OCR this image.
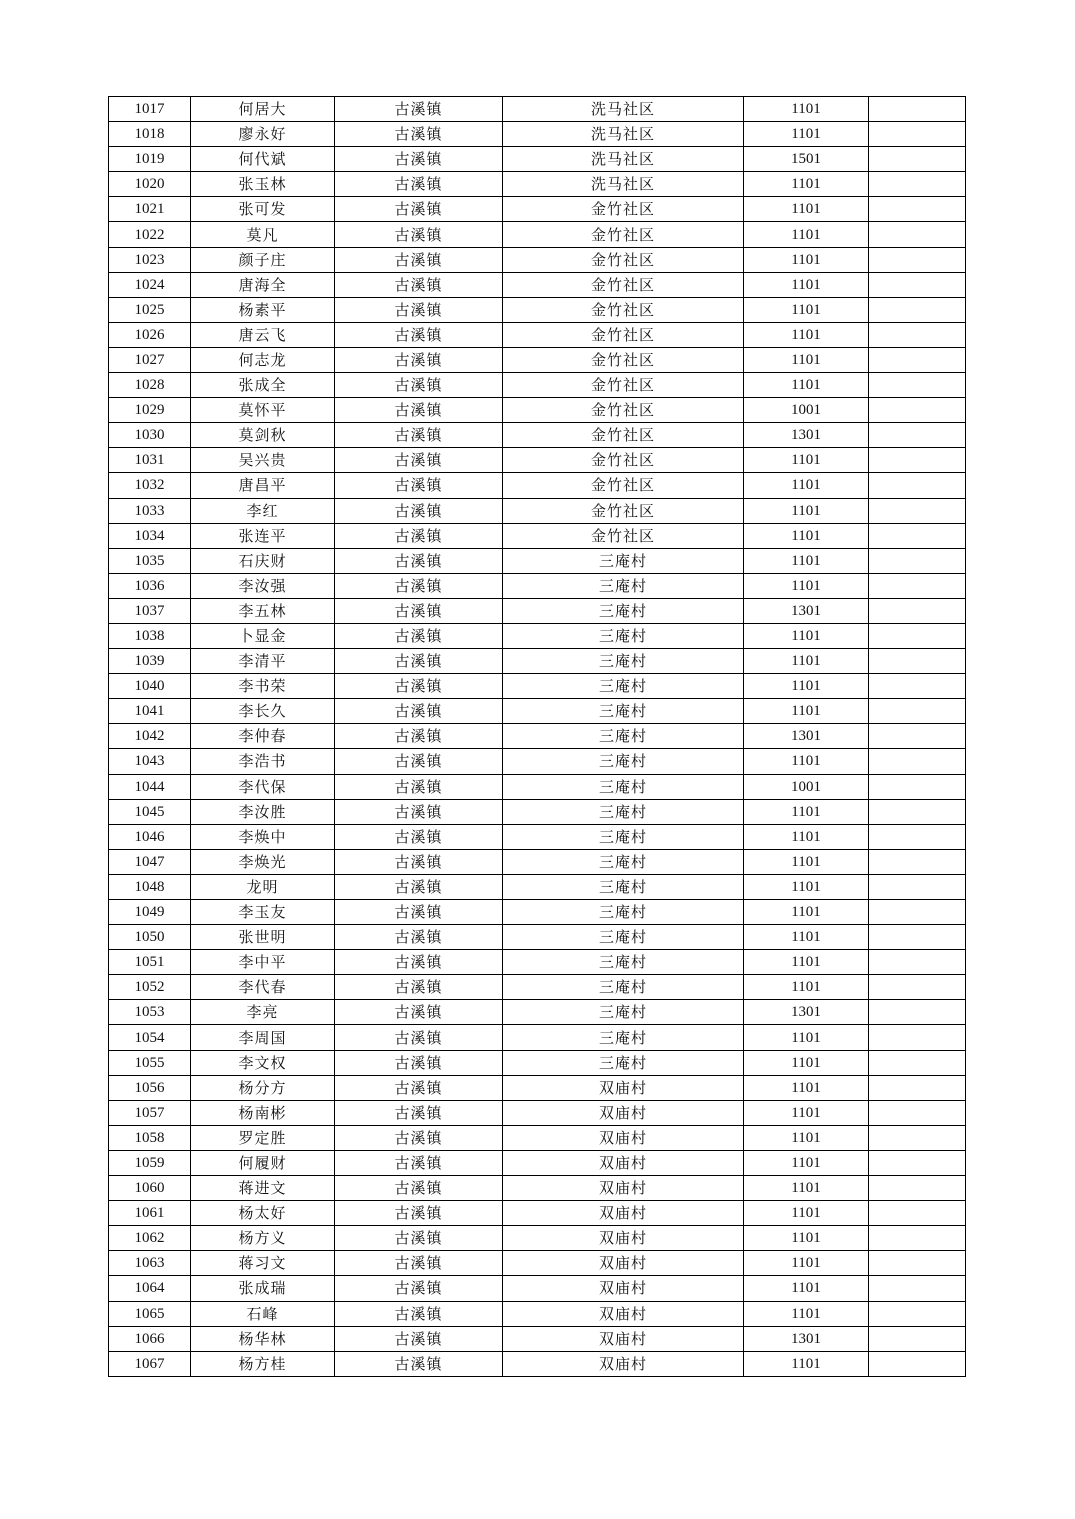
1017	何居大	古溪镇	洗马社区	1101	
1018	廖永好	古溪镇	洗马社区	1101	
1019	何代斌	古溪镇	洗马社区	1501	
1020	张玉林	古溪镇	洗马社区	1101	
1021	张可发	古溪镇	金竹社区	1101	
1022	莫凡	古溪镇	金竹社区	1101	
1023	颜子庄	古溪镇	金竹社区	1101	
1024	唐海全	古溪镇	金竹社区	1101	
1025	杨素平	古溪镇	金竹社区	1101	
1026	唐云飞	古溪镇	金竹社区	1101	
1027	何志龙	古溪镇	金竹社区	1101	
1028	张成全	古溪镇	金竹社区	1101	
1029	莫怀平	古溪镇	金竹社区	1001	
1030	莫剑秋	古溪镇	金竹社区	1301	
1031	吴兴贵	古溪镇	金竹社区	1101	
1032	唐昌平	古溪镇	金竹社区	1101	
1033	李红	古溪镇	金竹社区	1101	
1034	张连平	古溪镇	金竹社区	1101	
1035	石庆财	古溪镇	三庵村	1101	
1036	李汝强	古溪镇	三庵村	1101	
1037	李五林	古溪镇	三庵村	1301	
1038	卜显金	古溪镇	三庵村	1101	
1039	李清平	古溪镇	三庵村	1101	
1040	李书荣	古溪镇	三庵村	1101	
1041	李长久	古溪镇	三庵村	1101	
1042	李仲春	古溪镇	三庵村	1301	
1043	李浩书	古溪镇	三庵村	1101	
1044	李代保	古溪镇	三庵村	1001	
1045	李汝胜	古溪镇	三庵村	1101	
1046	李焕中	古溪镇	三庵村	1101	
1047	李焕光	古溪镇	三庵村	1101	
1048	龙明	古溪镇	三庵村	1101	
1049	李玉友	古溪镇	三庵村	1101	
1050	张世明	古溪镇	三庵村	1101	
1051	李中平	古溪镇	三庵村	1101	
1052	李代春	古溪镇	三庵村	1101	
1053	李亮	古溪镇	三庵村	1301	
1054	李周国	古溪镇	三庵村	1101	
1055	李文权	古溪镇	三庵村	1101	
1056	杨分方	古溪镇	双庙村	1101	
1057	杨南彬	古溪镇	双庙村	1101	
1058	罗定胜	古溪镇	双庙村	1101	
1059	何履财	古溪镇	双庙村	1101	
1060	蒋进文	古溪镇	双庙村	1101	
1061	杨太好	古溪镇	双庙村	1101	
1062	杨方义	古溪镇	双庙村	1101	
1063	蒋习文	古溪镇	双庙村	1101	
1064	张成瑞	古溪镇	双庙村	1101	
1065	石峰	古溪镇	双庙村	1101	
1066	杨华林	古溪镇	双庙村	1301	
1067	杨方桂	古溪镇	双庙村	1101	
